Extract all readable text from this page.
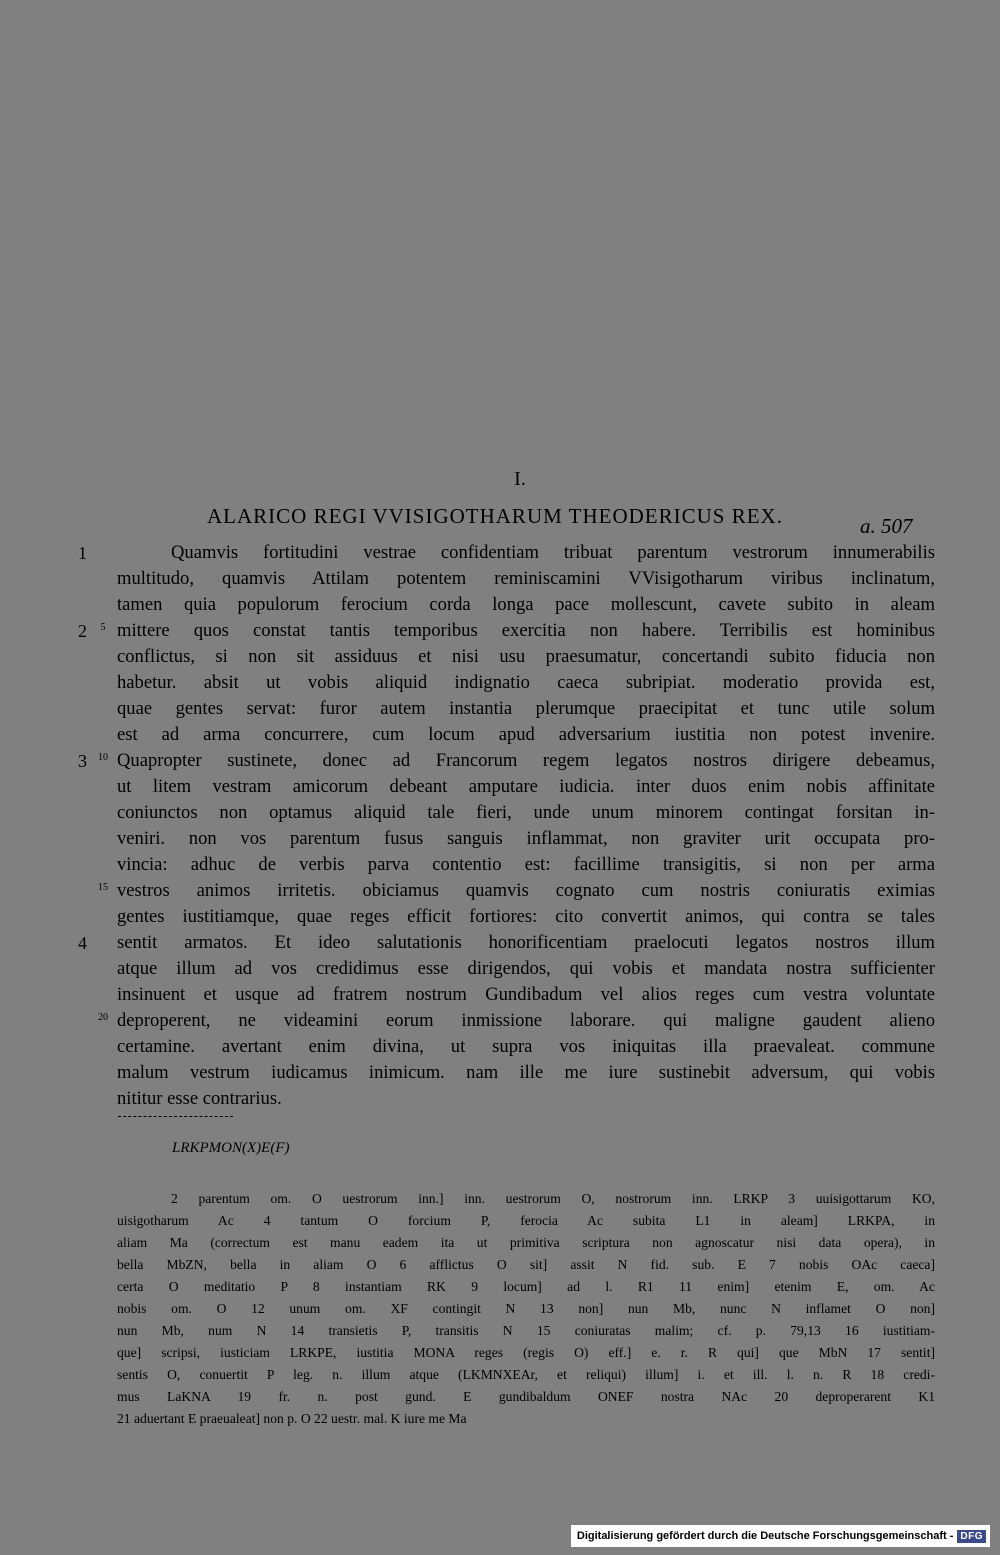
I.
ALARICO REGI VVISIGOTHARUM THEODERICUS REX.	a. 507
1
2
3
4
5
10
15
20
Quamvis fortitudini vestrae confidentiam tribuat parentum vestrorum innumerabilis
multitudo, quamvis Attilam potentem reminiscamini VVisigotharum viribus inclinatum,
tamen quia populorum ferocium corda longa pace mollescunt, cavete subito in aleam
mittere quos constat tantis temporibus exercitia non habere. Terribilis est hominibus
conflictus, si non sit assiduus et nisi usu praesumatur, concertandi subito fiducia non
habetur. absit ut vobis aliquid indignatio caeca subripiat. moderatio provida est,
quae gentes servat: furor autem instantia plerumque praecipitat et tunc utile solum
est ad arma concurrere, cum locum apud adversarium iustitia non potest invenire.
Quapropter sustinete, donec ad Francorum regem legatos nostros dirigere debeamus,
ut litem vestram amicorum debeant amputare iudicia. inter duos enim nobis affinitate
coniunctos non optamus aliquid tale fieri, unde unum minorem contingat forsitan in-
veniri. non vos parentum fusus sanguis inflammat, non graviter urit occupata pro-
vincia: adhuc de verbis parva contentio est: facillime transigitis, si non per arma
vestros animos irritetis. obiciamus quamvis cognato cum nostris coniuratis eximias
gentes iustitiamque, quae reges efficit fortiores: cito convertit animos, qui contra se tales
sentit armatos. Et ideo salutationis honorificentiam praelocuti legatos nostros illum
atque illum ad vos credidimus esse dirigendos, qui vobis et mandata nostra sufficienter
insinuent et usque ad fratrem nostrum Gundibadum vel alios reges cum vestra voluntate
deproperent, ne videamini eorum inmissione laborare. qui maligne gaudent alieno
certamine. avertant enim divina, ut supra vos iniquitas illa praevaleat. commune
malum vestrum iudicamus inimicum. nam ille me iure sustinebit adversum, qui vobis
nititur esse contrarius.
LRKPMON(X)E(F)
2 parentum om. O uestrorum inn.] inn. uestrorum O, nostrorum inn. LRKP 3 uuisigottarum KO,
uisigotharum Ac 4 tantum O forcium P, ferocia Ac subita L1 in aleam] LRKPA, in
aliam Ma (correctum est manu eadem ita ut primitiva scriptura non agnoscatur nisi data opera), in
bella MbZN, bella in aliam O 6 afflictus O sit] assit N fid. sub. E 7 nobis OAc caeca]
certa O meditatio P 8 instantiam RK 9 locum] ad l. R1 11 enim] etenim E, om. Ac
nobis om. O 12 unum om. XF contingit N 13 non] nun Mb, nunc N inflamet O non]
nun Mb, num N 14 transietis P, transitis N 15 coniuratas malim; cf. p. 79,13 16 iustitiam-
que] scripsi, iusticiam LRKPE, iustitia MONA reges (regis O) eff.] e. r. R qui] que MbN 17 sentit]
sentis O, conuertit P leg. n. illum atque (LKMNXEAr, et reliqui) illum] i. et ill. l. n. R 18 credi-
mus LaKNA 19 fr. n. post gund. E gundibaldum ONEF nostra NAc 20 deproperarent K1
21 aduertant E praeualeat] non p. O 22 uestr. mal. K iure me Ma
Digitalisierung gefördert durch die Deutsche Forschungsgemeinschaft - DFG
